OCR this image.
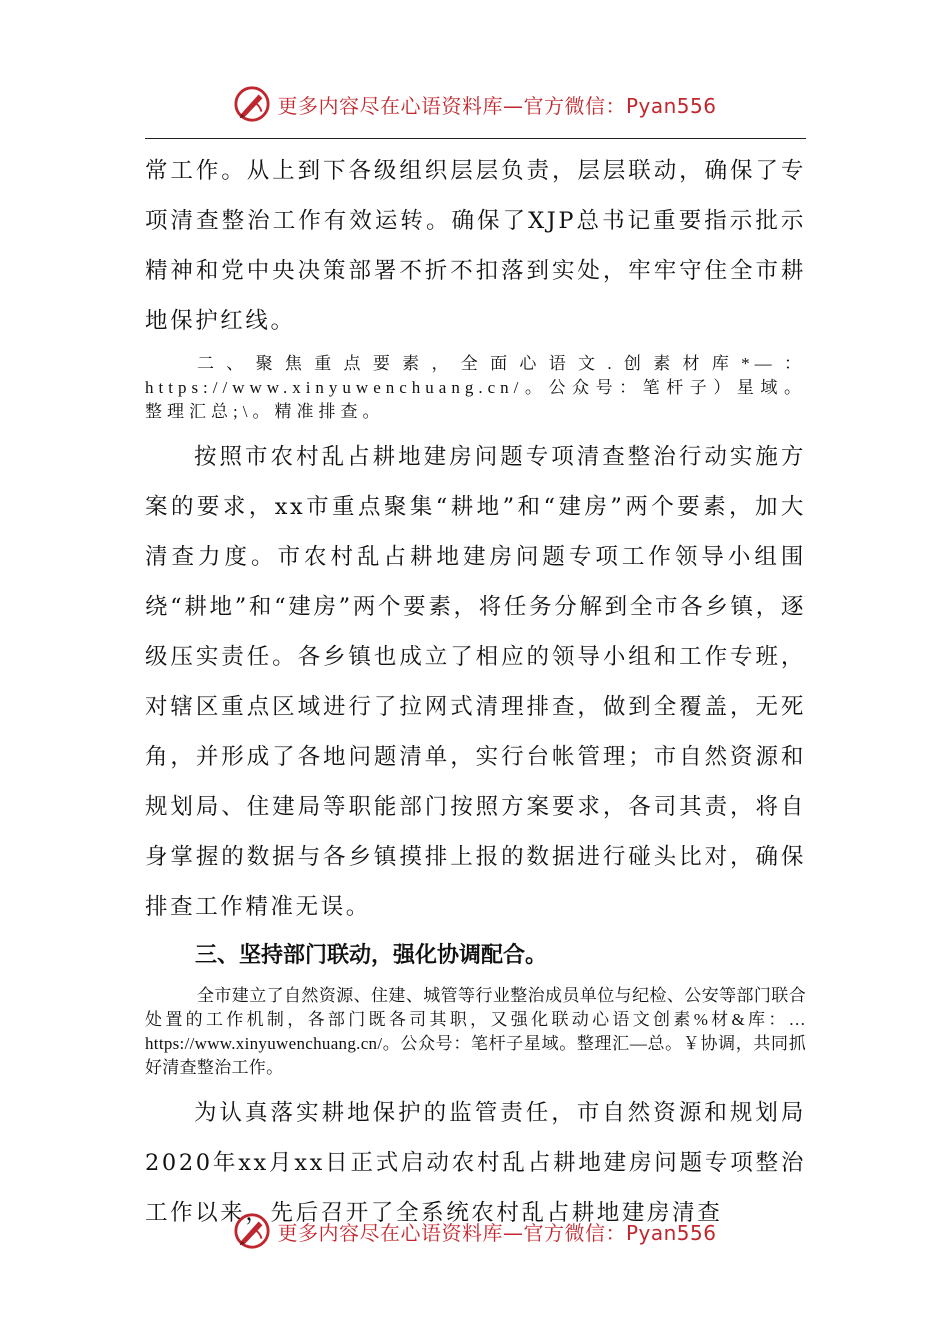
更多内容尽在心语资料库—官方微信：Pyan556

常工作。从上到下各级组织层层负责，层层联动，确保了专项清查整治工作有效运转。确保了XJP总书记重要指示批示精神和党中央决策部署不折不扣落到实处，牢牢守住全市耕地保护红线。

二、聚焦重点要素，全面心语文.创素材库*—：https://www.xinyuwenchuang.cn/。公众号：笔杆子）星域。整理汇总;\。精准排查。

按照市农村乱占耕地建房问题专项清查整治行动实施方案的要求，xx市重点聚集“耕地”和“建房”两个要素，加大清查力度。市农村乱占耕地建房问题专项工作领导小组围绕“耕地”和“建房”两个要素，将任务分解到全市各乡镇，逐级压实责任。各乡镇也成立了相应的领导小组和工作专班，对辖区重点区域进行了拉网式清理排查，做到全覆盖，无死角，并形成了各地问题清单，实行台帐管理；市自然资源和规划局、住建局等职能部门按照方案要求，各司其责，将自身掌握的数据与各乡镇摸排上报的数据进行碰头比对，确保排查工作精准无误。

三、坚持部门联动，强化协调配合。

全市建立了自然资源、住建、城管等行业整治成员单位与纪检、公安等部门联合处置的工作机制，各部门既各司其职，又强化联动心语文创素%材&库：…https://www.xinyuwenchuang.cn/。公众号：笔杆子星域。整理汇—总。￥协调，共同抓好清查整治工作。

为认真落实耕地保护的监管责任，市自然资源和规划局2020年xx月xx日正式启动农村乱占耕地建房问题专项整治工作以来，先后召开了全系统农村乱占耕地建房清查

更多内容尽在心语资料库—官方微信：Pyan556
